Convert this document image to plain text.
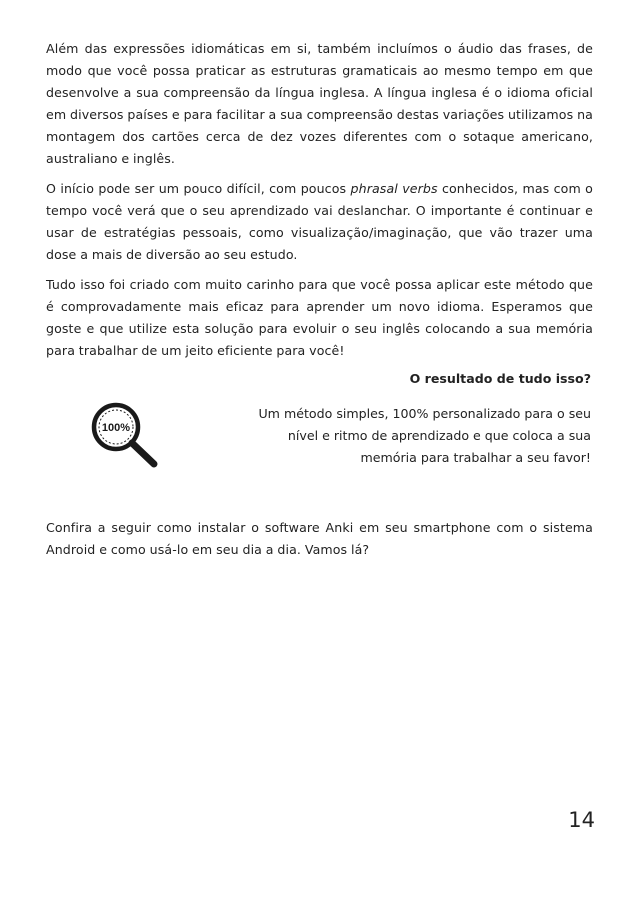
Além das expressões idiomáticas em si, também incluímos o áudio das frases, de modo que você possa praticar as estruturas gramaticais ao mesmo tempo em que desenvolve a sua compreensão da língua inglesa. A língua inglesa é o idioma oficial em diversos países e para facilitar a sua compreensão destas variações utilizamos na montagem dos cartões cerca de dez vozes diferentes com o sotaque americano, australiano e inglês.

O início pode ser um pouco difícil, com poucos phrasal verbs conhecidos, mas com o tempo você verá que o seu aprendizado vai deslanchar. O importante é continuar e usar de estratégias pessoais, como visualização/imaginação, que vão trazer uma dose a mais de diversão ao seu estudo.

Tudo isso foi criado com muito carinho para que você possa aplicar este método que é comprovadamente mais eficaz para aprender um novo idioma. Esperamos que goste e que utilize esta solução para evoluir o seu inglês colocando a sua memória para trabalhar de um jeito eficiente para você!

O resultado de tudo isso?
100%
Um método simples, 100% personalizado para o seu
nível e ritmo de aprendizado e que coloca a sua
memória para trabalhar a seu favor!

Confira a seguir como instalar o software Anki em seu smartphone com o sistema Android e como usá-lo em seu dia a dia. Vamos lá?

14
